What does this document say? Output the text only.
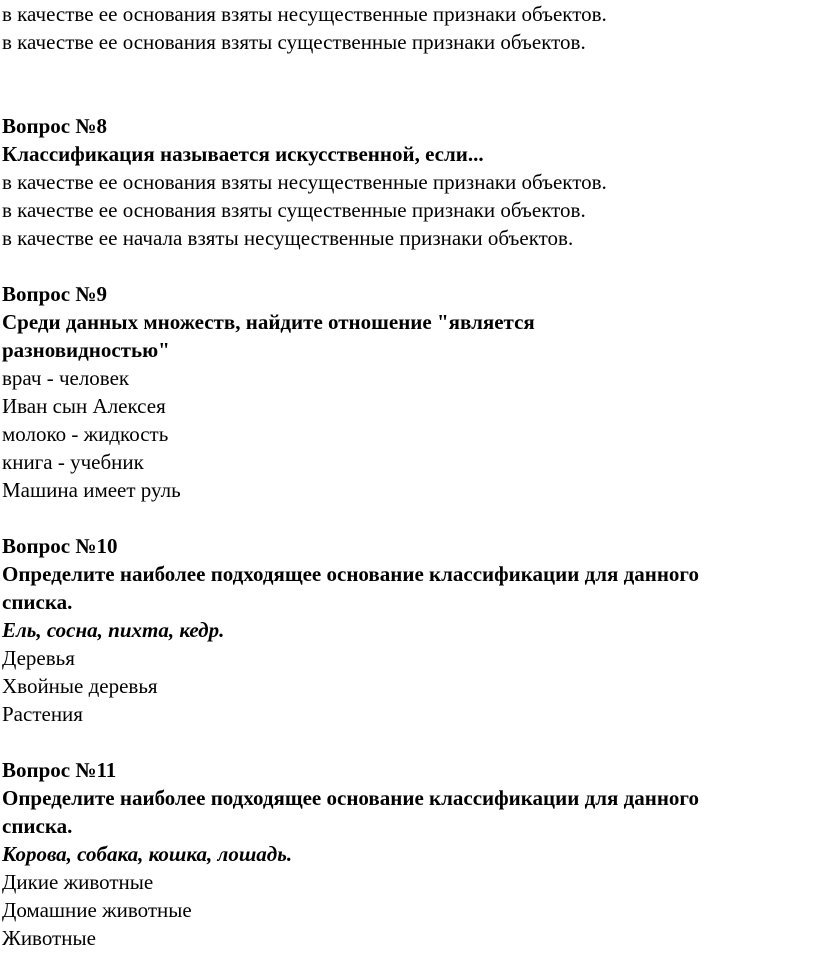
в качестве ее основания взяты несущественные признаки объектов.
в качестве ее основания взяты существенные признаки объектов.
Вопрос №8
Классификация называется искусственной, если...
в качестве ее основания взяты несущественные признаки объектов.
в качестве ее основания взяты существенные признаки объектов.
в качестве ее начала взяты несущественные признаки объектов.
Вопрос №9
Среди данных множеств, найдите отношение "является
разновидностью"
врач - человек
Иван сын Алексея
молоко - жидкость
книга - учебник
Машина имеет руль
Вопрос №10
Определите наиболее подходящее основание классификации для данного
списка.
Ель, сосна, пихта, кедр.
Деревья
Хвойные деревья
Растения
Вопрос №11
Определите наиболее подходящее основание классификации для данного
списка.
Корова, собака, кошка, лошадь.
Дикие животные
Домашние животные
Животные
